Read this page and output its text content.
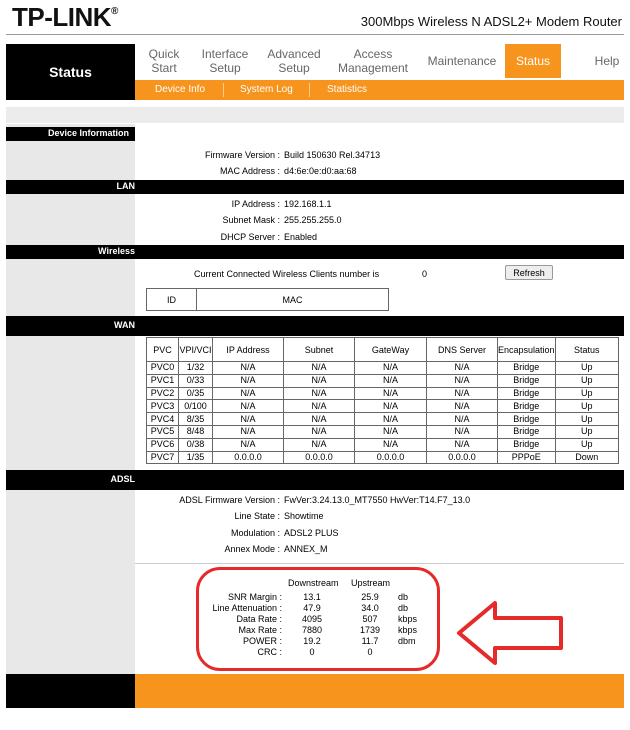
TP-LINK®
300Mbps Wireless N ADSL2+ Modem Router
Status
Quick
Start
Interface
Setup
Advanced
Setup
Access
Management Maintenance Status	Help
Device Info	System Log	Statistics
Device Information
LAN
Wireless
WAN
ADSL
Firmware Version : Build 150630 Rel.34713
MAC Address : d4:6e:0e:d0:aa:68
IP Address : 192.168.1.1
Subnet Mask : 255.255.255.0
DHCP Server : Enabled
Current Connected Wireless Clients number is	0	Refresh
ID	MAC
PVC	VPI/VCI	IP Address	Subnet	GateWay	DNS Server	Encapsulation	Status
PVC0	1/32	N/A	N/A	N/A	N/A	Bridge	Up
PVC1	0/33	N/A	N/A	N/A	N/A	Bridge	Up
PVC2	0/35	N/A	N/A	N/A	N/A	Bridge	Up
PVC3	0/100	N/A	N/A	N/A	N/A	Bridge	Up
PVC4	8/35	N/A	N/A	N/A	N/A	Bridge	Up
PVC5	8/48	N/A	N/A	N/A	N/A	Bridge	Up
PVC6	0/38	N/A	N/A	N/A	N/A	Bridge	Up
PVC7	1/35	0.0.0.0	0.0.0.0	0.0.0.0	0.0.0.0	PPPoE	Down
ADSL Firmware Version : FwVer:3.24.13.0_MT7550 HwVer:T14.F7_13.0
Line State : Showtime
Modulation : ADSL2 PLUS
Annex Mode : ANNEX_M
Downstream Upstream
SNR Margin :	13.1	25.9	db
Line Attenuation :	47.9	34.0	db
Data Rate :	4095	507	kbps
Max Rate :	7880	1739	kbps
POWER :	19.2	11.7	dbm
CRC :	0	0
